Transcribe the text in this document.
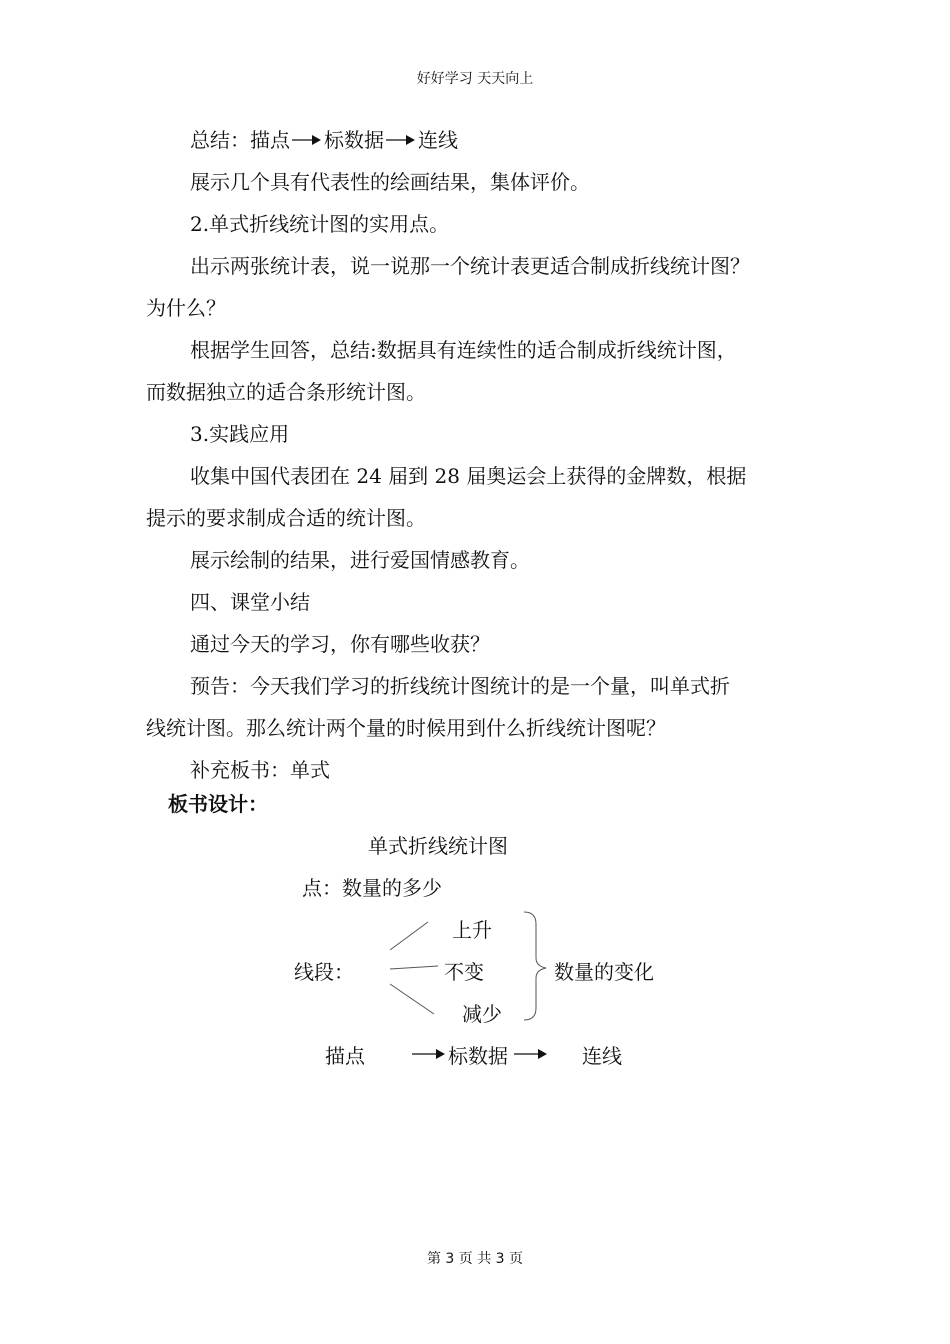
好好学习 天天向上
总结：描点 标数据 连线
展示几个具有代表性的绘画结果，集体评价。
2.单式折线统计图的实用点。
出示两张统计表，说一说那一个统计表更适合制成折线统计图？
为什么？
根据学生回答，总结:数据具有连续性的适合制成折线统计图，
而数据独立的适合条形统计图。
3.实践应用
收集中国代表团在 24 届到 28 届奥运会上获得的金牌数，根据
提示的要求制成合适的统计图。
展示绘制的结果，进行爱国情感教育。
四、课堂小结
通过今天的学习，你有哪些收获？
预告：今天我们学习的折线统计图统计的是一个量，叫单式折
线统计图。那么统计两个量的时候用到什么折线统计图呢？
补充板书：单式
板书设计：
单式折线统计图
点：数量的多少
线段：
上升
不变
减少
数量的变化
描点	标数据	连线
第 3 页 共 3 页
